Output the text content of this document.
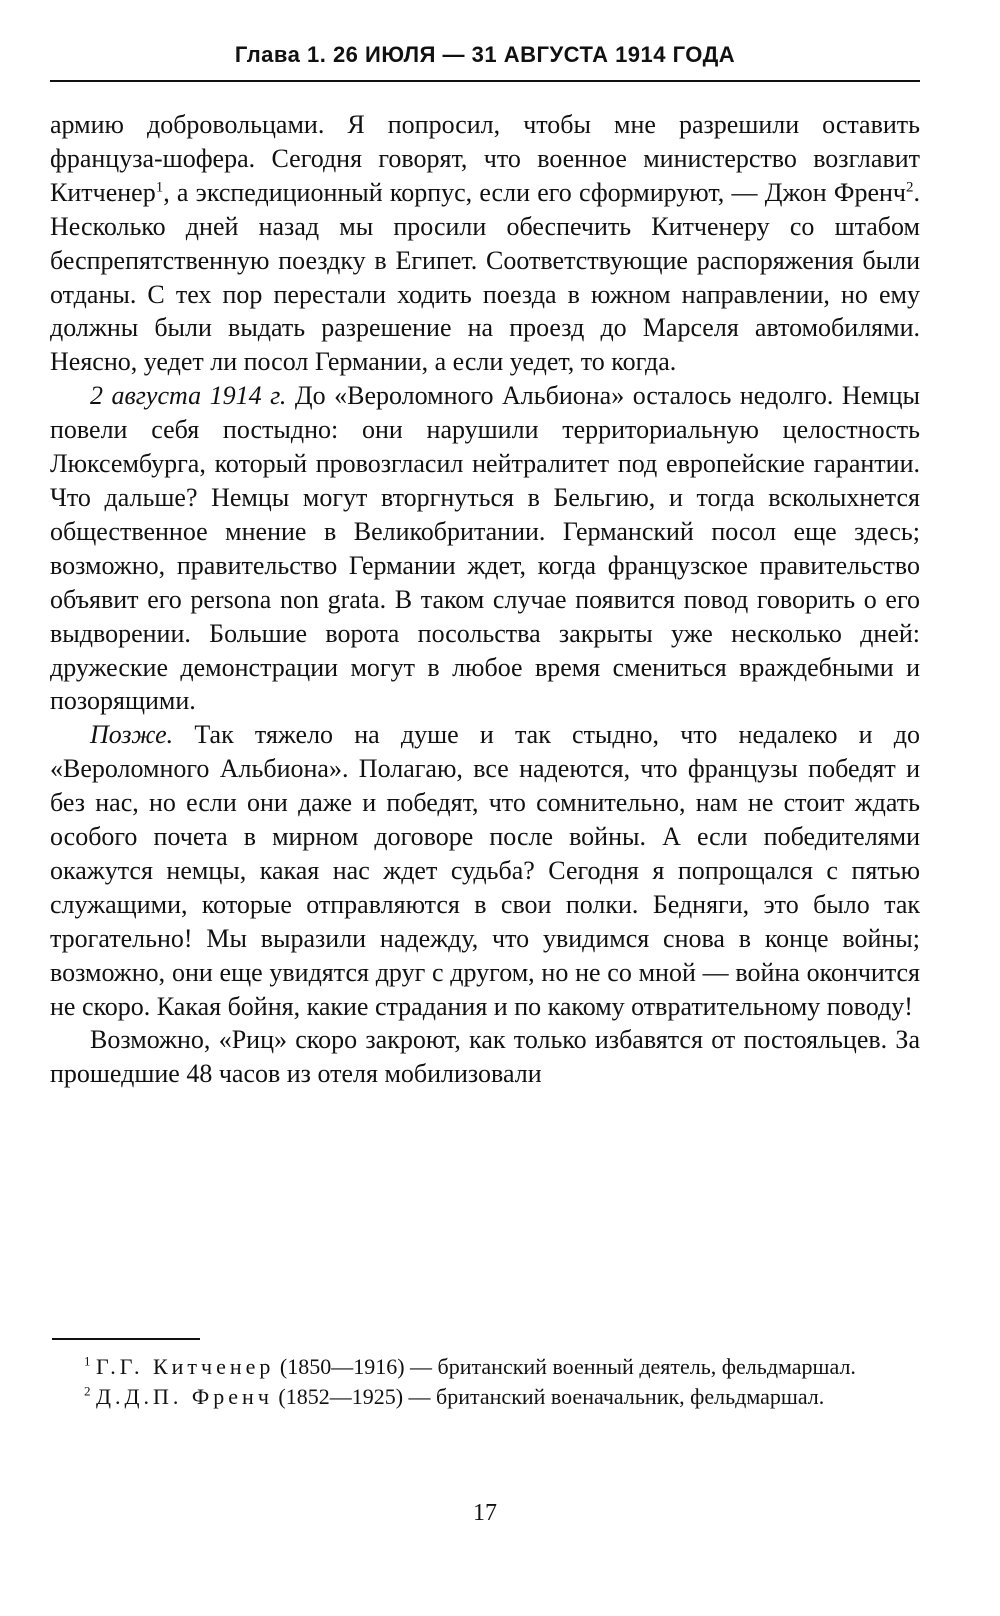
Глава 1. 26 ИЮЛЯ — 31 АВГУСТА 1914 ГОДА

армию добровольцами. Я попросил, чтобы мне разрешили оставить француза-шофера. Сегодня говорят, что военное министерство возглавит Китченер$^1$, а экспедиционный корпус, если его сформируют, — Джон Френч$^2$. Несколько дней назад мы просили обеспечить Китченеру со штабом беспрепятственную поездку в Египет. Соответствующие распоряжения были отданы. С тех пор перестали ходить поезда в южном направлении, но ему должны были выдать разрешение на проезд до Марселя автомобилями. Неясно, уедет ли посол Германии, а если уедет, то когда.

2 августа 1914 г. До «Вероломного Альбиона» осталось недолго. Немцы повели себя постыдно: они нарушили территориальную целостность Люксембурга, который провозгласил нейтралитет под европейские гарантии. Что дальше? Немцы могут вторгнуться в Бельгию, и тогда всколыхнется общественное мнение в Великобритании. Германский посол еще здесь; возможно, правительство Германии ждет, когда французское правительство объявит его persona non grata. В таком случае появится повод говорить о его выдворении. Большие ворота посольства закрыты уже несколько дней: дружеские демонстрации могут в любое время смениться враждебными и позорящими.

Позже. Так тяжело на душе и так стыдно, что недалеко и до «Вероломного Альбиона». Полагаю, все надеются, что французы победят и без нас, но если они даже и победят, что сомнительно, нам не стоит ждать особого почета в мирном договоре после войны. А если победителями окажутся немцы, какая нас ждет судьба? Сегодня я попрощался с пятью служащими, которые отправляются в свои полки. Бедняги, это было так трогательно! Мы выразили надежду, что увидимся снова в конце войны; возможно, они еще увидятся друг с другом, но не со мной — война окончится не скоро. Какая бойня, какие страдания и по какому отвратительному поводу!

Возможно, «Риц» скоро закроют, как только избавятся от постояльцев. За прошедшие 48 часов из отеля мобилизовали

$^1$ Г.Г. Китченер (1850—1916) — британский военный деятель, фельдмаршал.

$^2$ Д.Д.П. Френч (1852—1925) — британский военачальник, фельдмаршал.

17
